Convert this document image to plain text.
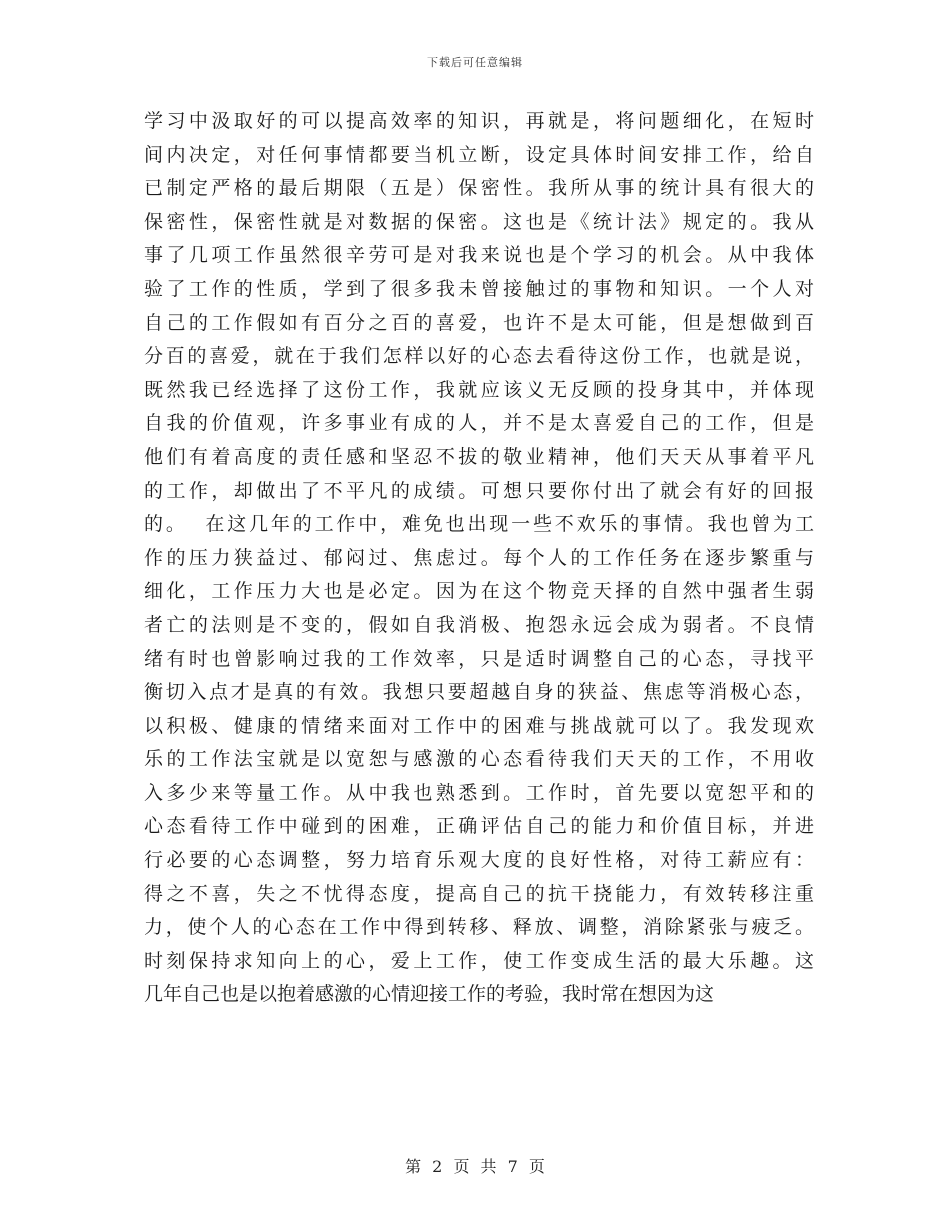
下载后可任意编辑
学习中汲取好的可以提高效率的知识，再就是，将问题细化，在短时
间内决定，对任何事情都要当机立断，设定具体时间安排工作，给自
已制定严格的最后期限（五是）保密性。我所从事的统计具有很大的
保密性，保密性就是对数据的保密。这也是《统计法》规定的。我从
事了几项工作虽然很辛劳可是对我来说也是个学习的机会。从中我体
验了工作的性质，学到了很多我未曾接触过的事物和知识。一个人对
自己的工作假如有百分之百的喜爱，也许不是太可能，但是想做到百
分百的喜爱，就在于我们怎样以好的心态去看待这份工作，也就是说，
既然我已经选择了这份工作，我就应该义无反顾的投身其中，并体现
自我的价值观，许多事业有成的人，并不是太喜爱自己的工作，但是
他们有着高度的责任感和坚忍不拔的敬业精神，他们天天从事着平凡
的工作，却做出了不平凡的成绩。可想只要你付出了就会有好的回报
的。  在这几年的工作中，难免也出现一些不欢乐的事情。我也曾为工
作的压力狭益过、郁闷过、焦虑过。每个人的工作任务在逐步繁重与
细化，工作压力大也是必定。因为在这个物竞天择的自然中强者生弱
者亡的法则是不变的，假如自我消极、抱怨永远会成为弱者。不良情
绪有时也曾影响过我的工作效率，只是适时调整自己的心态，寻找平
衡切入点才是真的有效。我想只要超越自身的狭益、焦虑等消极心态，
以积极、健康的情绪来面对工作中的困难与挑战就可以了。我发现欢
乐的工作法宝就是以宽恕与感激的心态看待我们天天的工作，不用收
入多少来等量工作。从中我也熟悉到。工作时，首先要以宽恕平和的
心态看待工作中碰到的困难，正确评估自己的能力和价值目标，并进
行必要的心态调整，努力培育乐观大度的良好性格，对待工薪应有：
得之不喜，失之不忧得态度，提高自己的抗干挠能力，有效转移注重
力，使个人的心态在工作中得到转移、释放、调整，消除紧张与疲乏。
时刻保持求知向上的心，爱上工作，使工作变成生活的最大乐趣。这
几年自己也是以抱着感激的心情迎接工作的考验，我时常在想因为这
第 2 页 共 7 页
